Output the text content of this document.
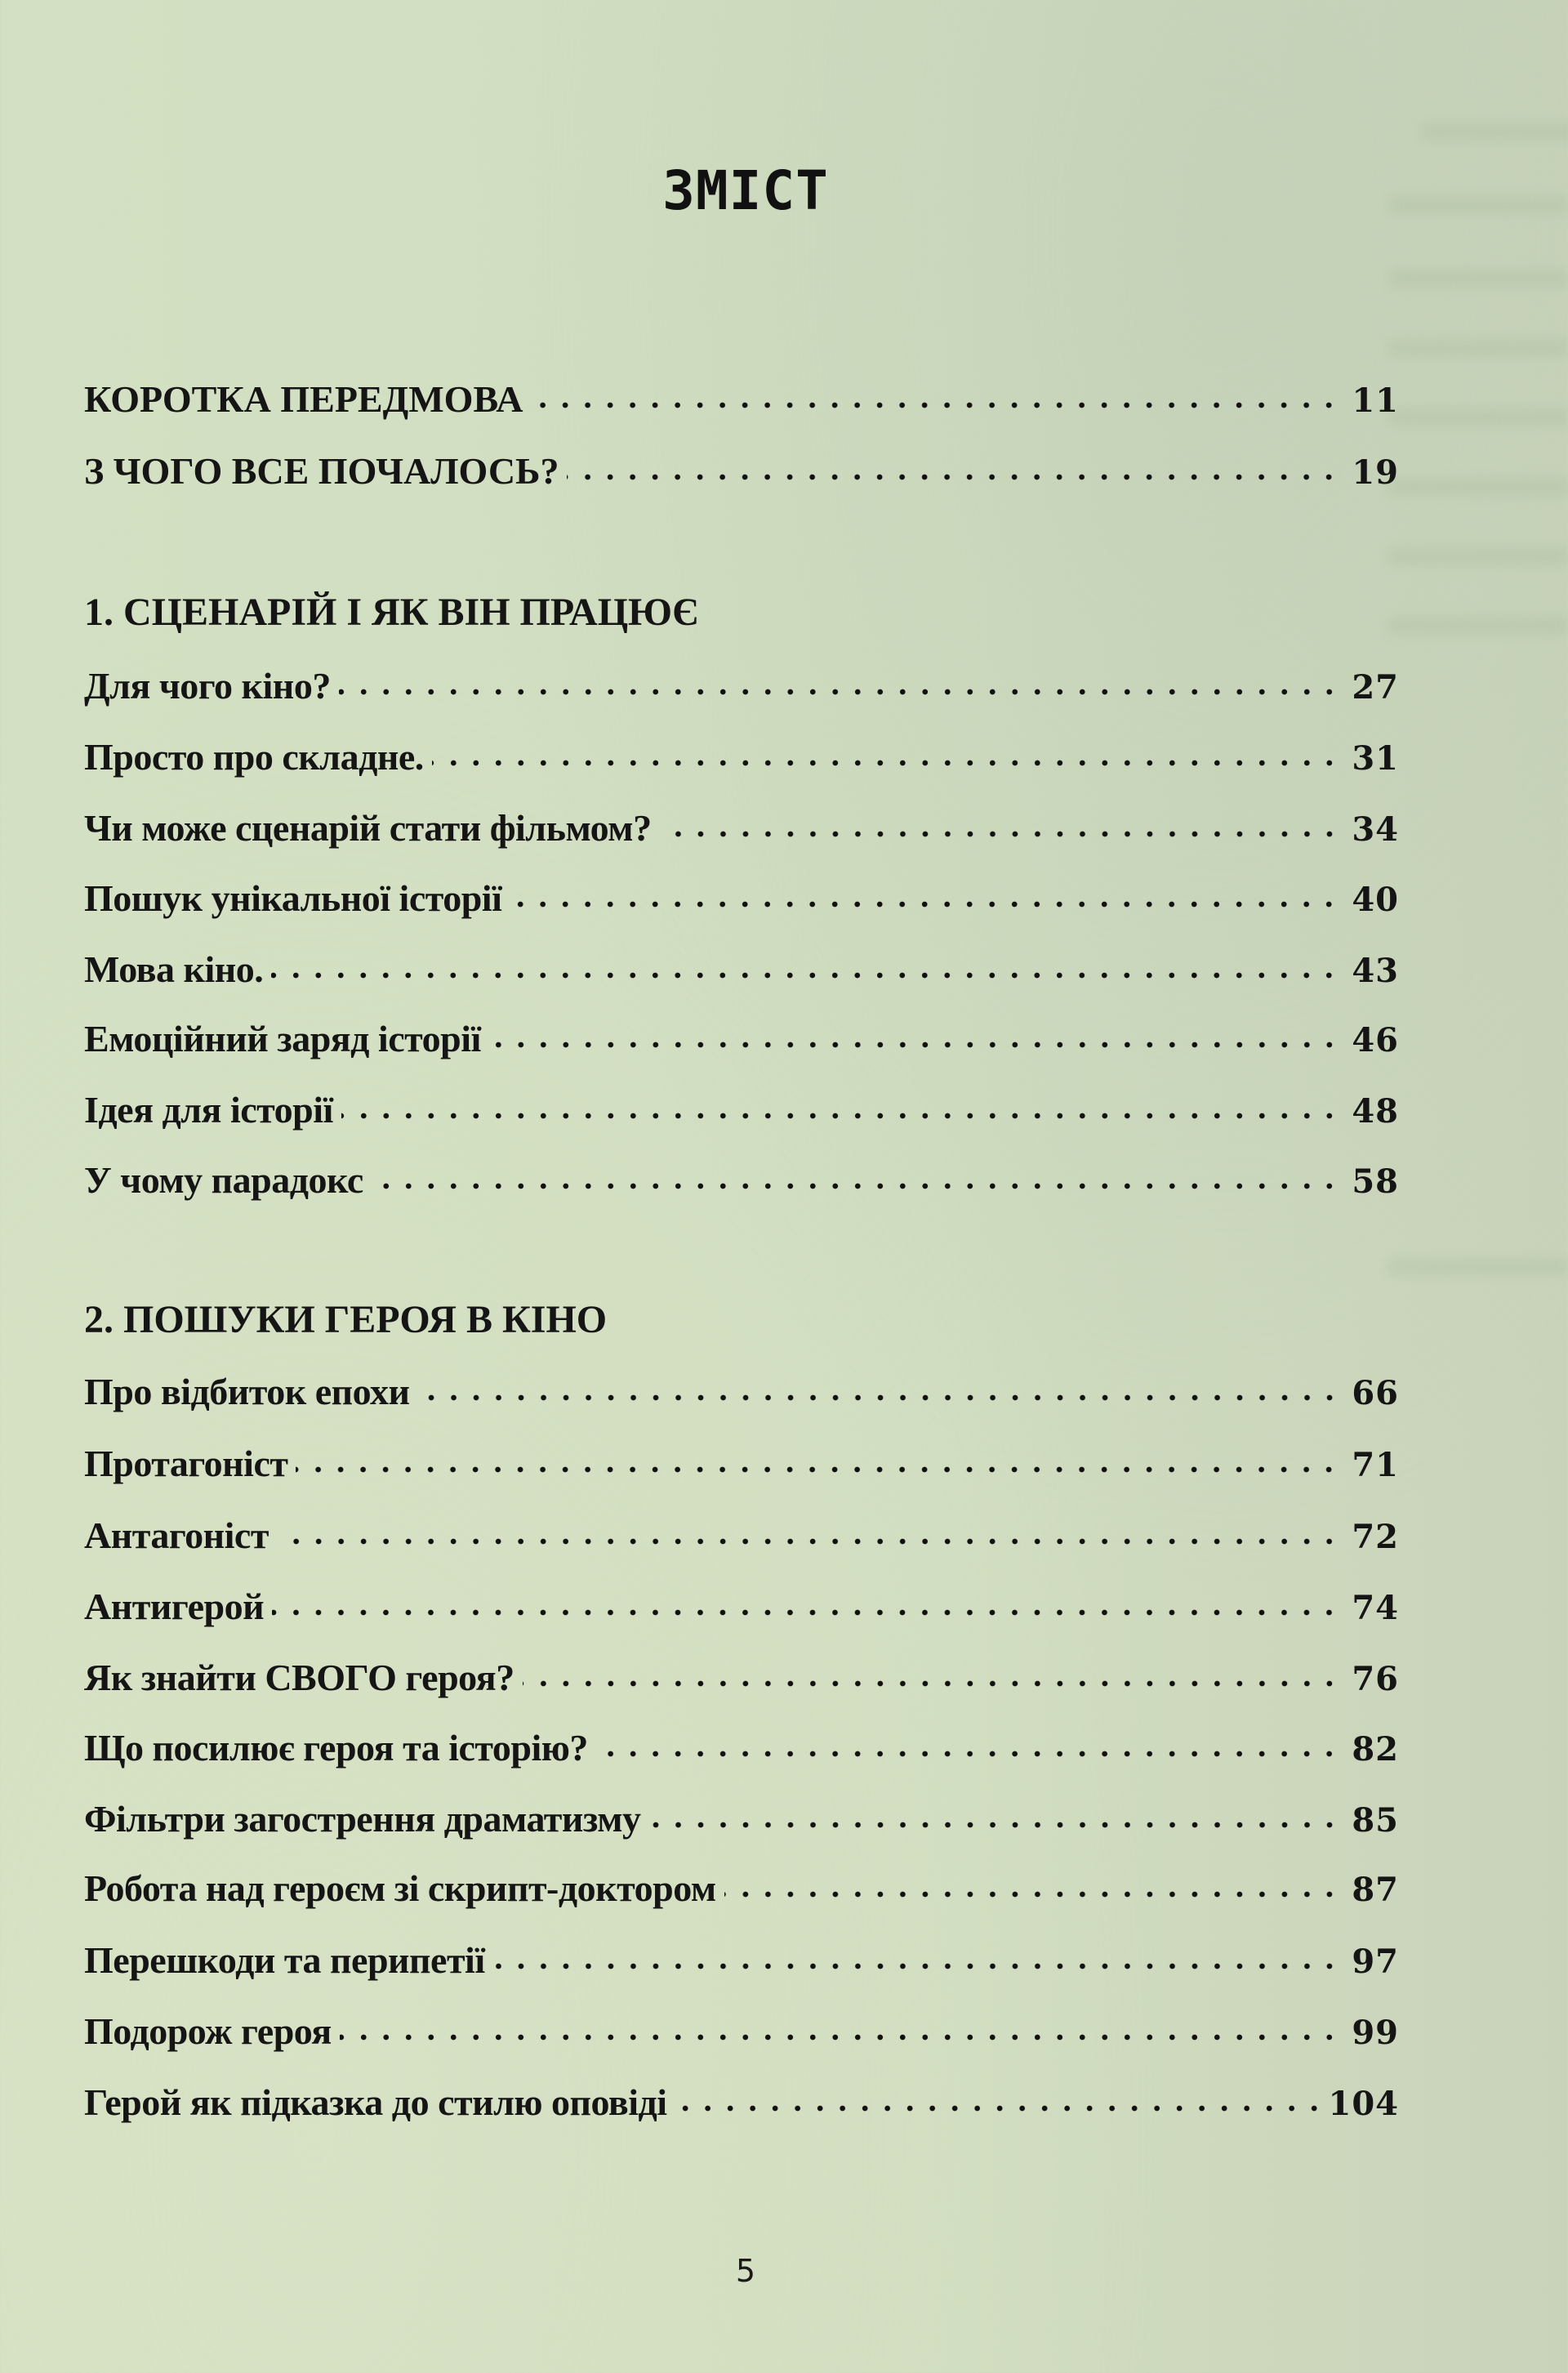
ЗМІСТ
КОРОТКА ПЕРЕДМОВА	11
З ЧОГО ВСЕ ПОЧАЛОСЬ?	19
1. СЦЕНАРІЙ І ЯК ВІН ПРАЦЮЄ
Для чого кіно?	27
Просто про складне.	31
Чи може сценарій стати фільмом?	34
Пошук унікальної історії	40
Мова кіно.	43
Емоційний заряд історії	46
Ідея для історії	48
У чому парадокс	58
2. ПОШУКИ ГЕРОЯ В КІНО
Про відбиток епохи	66
Протагоніст	71
Антагоніст	72
Антигерой	74
Як знайти СВОГО героя?	76
Що посилює героя та історію?	82
Фільтри загострення драматизму	85
Робота над героєм зі скрипт-доктором	87
Перешкоди та перипетії	97
Подорож героя	99
Герой як підказка до стилю оповіді	104
5
